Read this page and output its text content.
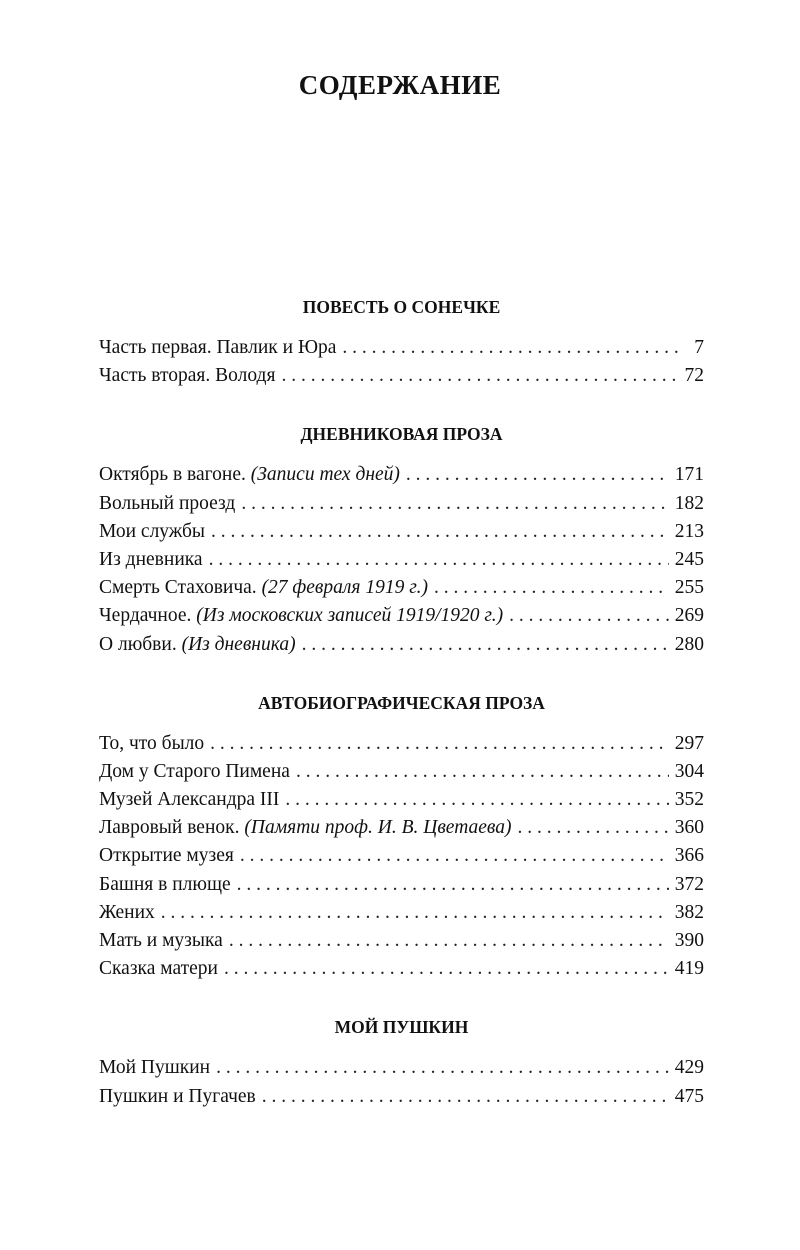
СОДЕРЖАНИЕ
ПОВЕСТЬ О СОНЕЧКЕ
Часть первая. Павлик и Юра . . .	7
Часть вторая. Володя . . .	72
ДНЕВНИКОВАЯ ПРОЗА
Октябрь в вагоне. (Записи тех дней) . . .	171
Вольный проезд . . .	182
Мои службы . . .	213
Из дневника . . .	245
Смерть Стаховича. (27 февраля 1919 г.) . . .	255
Чердачное. (Из московских записей 1919/1920 г.) . . .	269
О любви. (Из дневника) . . .	280
АВТОБИОГРАФИЧЕСКАЯ ПРОЗА
То, что было . . .	297
Дом у Старого Пимена . . .	304
Музей Александра III . . .	352
Лавровый венок. (Памяти проф. И. В. Цветаева) . . .	360
Открытие музея . . .	366
Башня в плюще . . .	372
Жених . . .	382
Мать и музыка . . .	390
Сказка матери . . .	419
МОЙ ПУШКИН
Мой Пушкин . . .	429
Пушкин и Пугачев . . .	475
